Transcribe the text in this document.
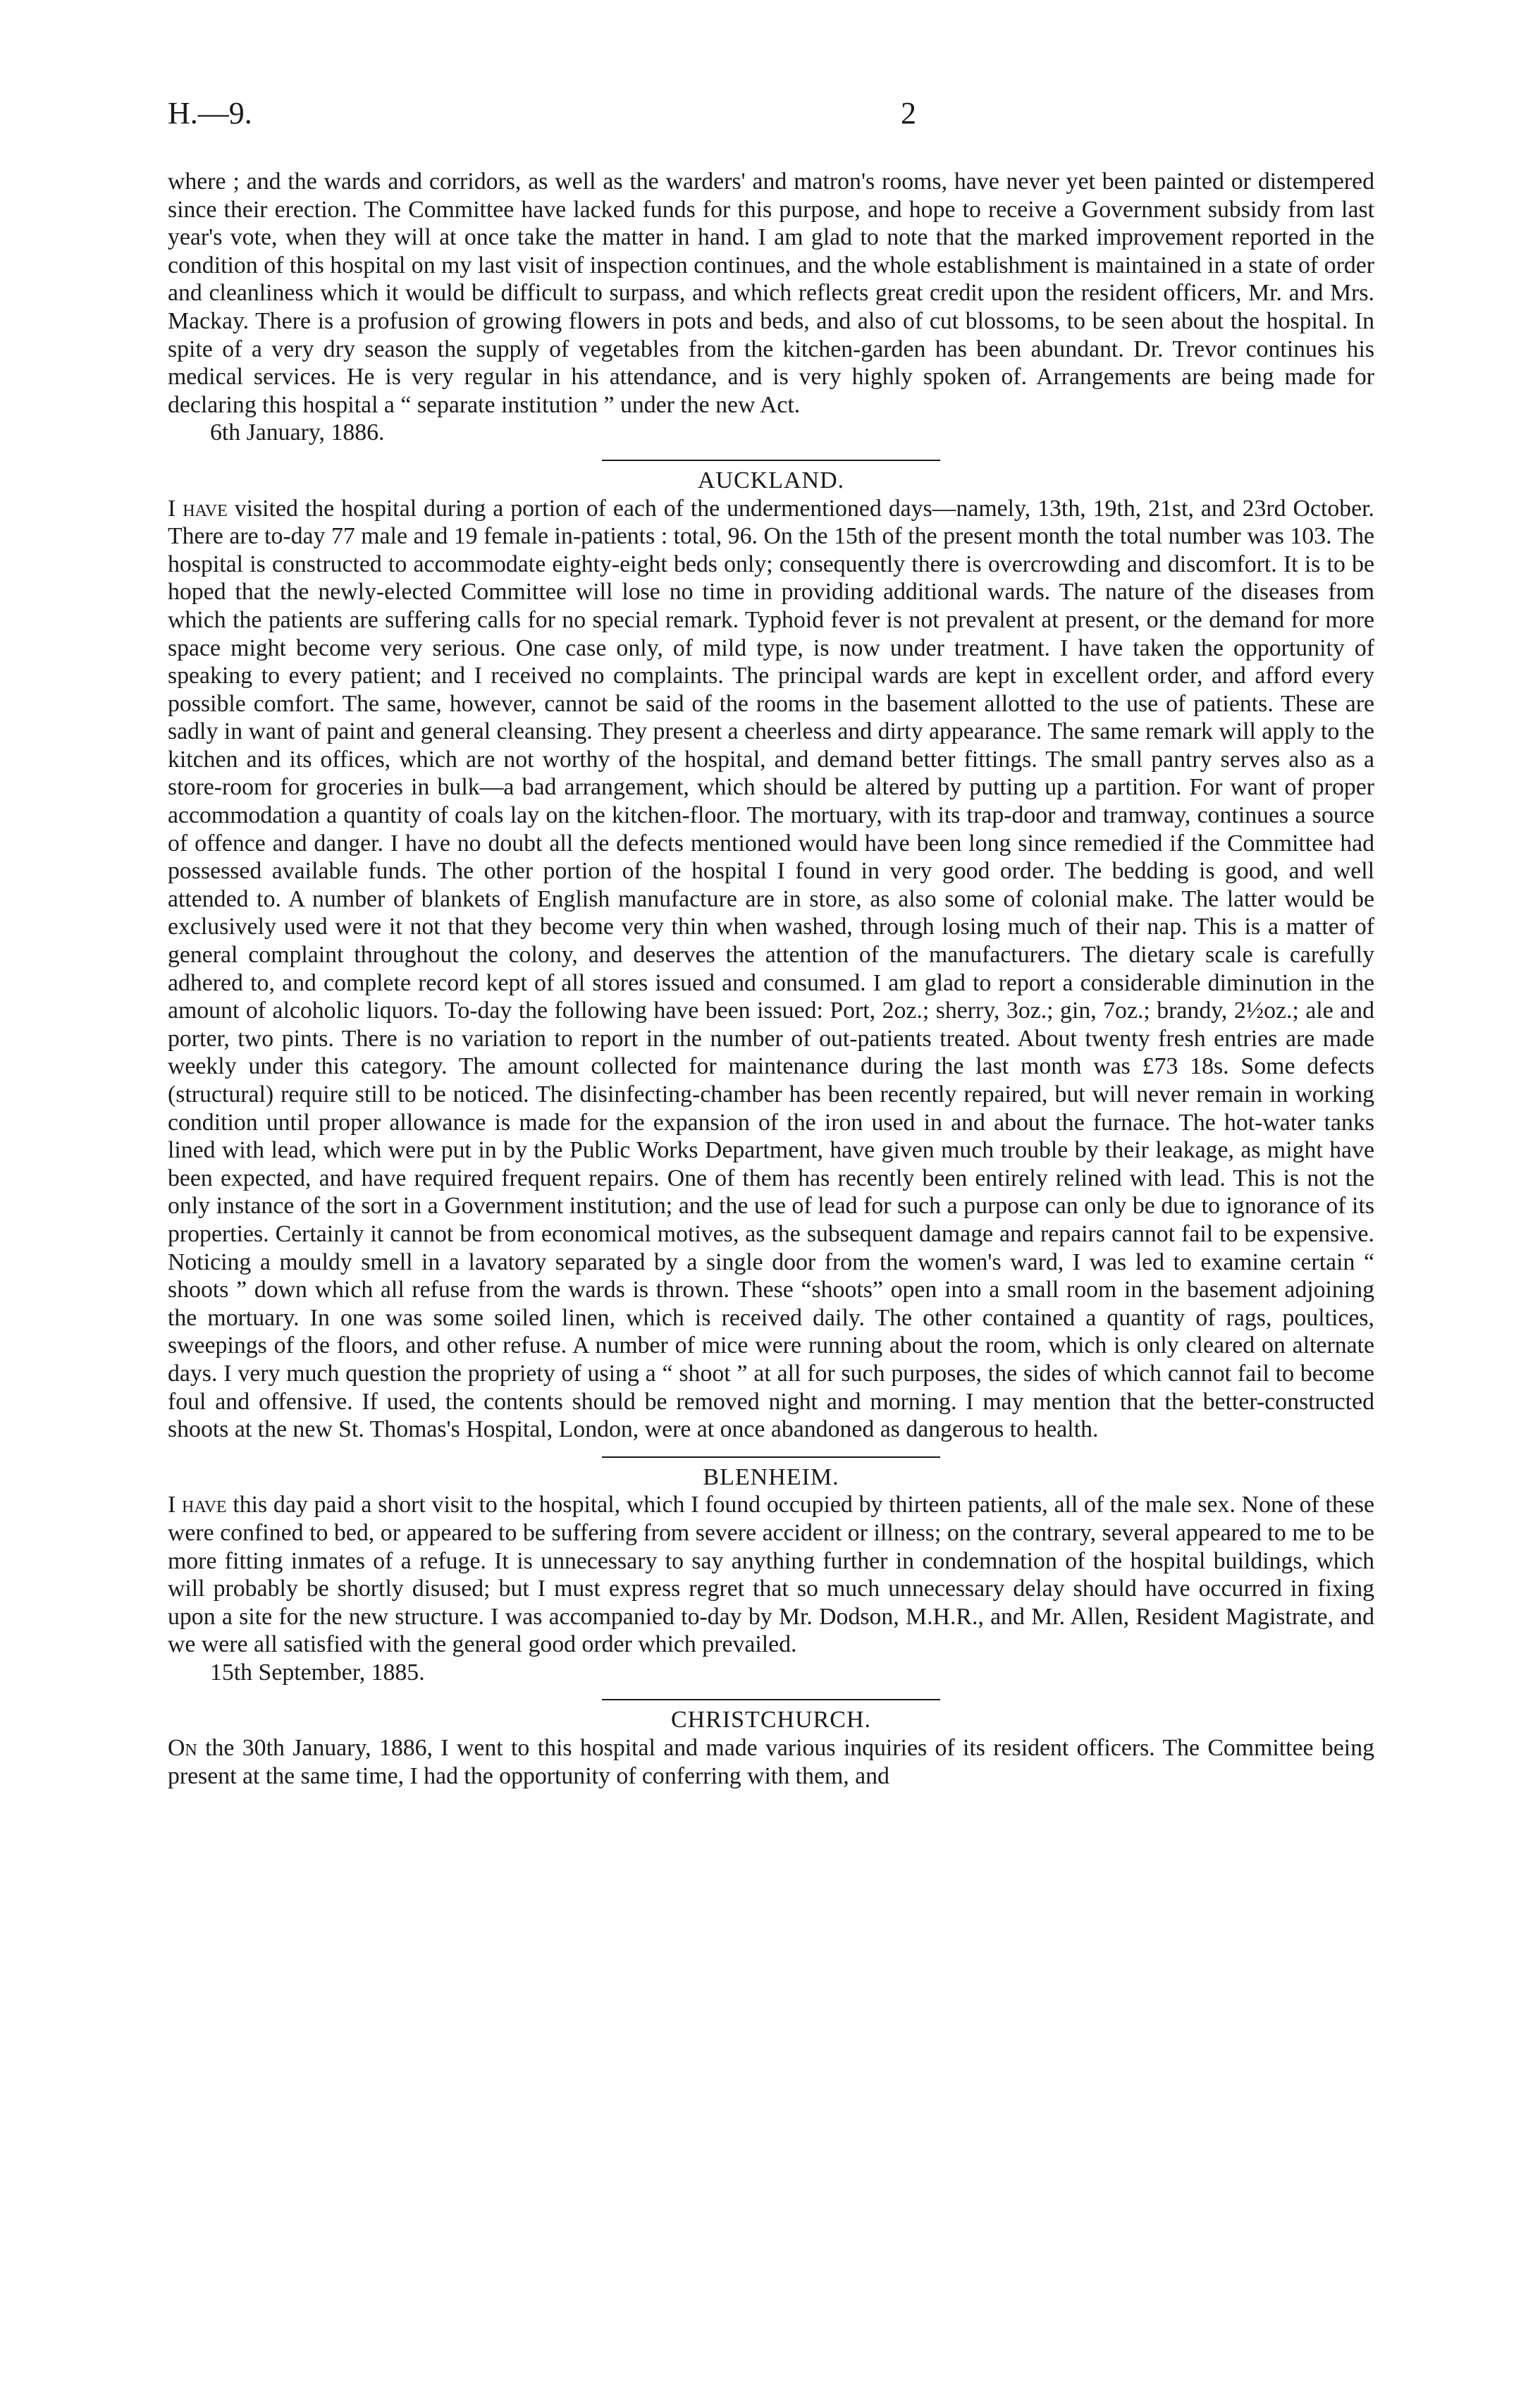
H.—9.	2

where ; and the wards and corridors, as well as the warders' and matron's rooms, have never yet been painted or distempered since their erection. The Committee have lacked funds for this purpose, and hope to receive a Government subsidy from last year's vote, when they will at once take the matter in hand. I am glad to note that the marked improvement reported in the condition of this hospital on my last visit of inspection continues, and the whole establishment is maintained in a state of order and cleanliness which it would be difficult to surpass, and which reflects great credit upon the resident officers, Mr. and Mrs. Mackay. There is a profusion of growing flowers in pots and beds, and also of cut blossoms, to be seen about the hospital. In spite of a very dry season the supply of vegetables from the kitchen-garden has been abundant. Dr. Trevor continues his medical services. He is very regular in his attendance, and is very highly spoken of. Arrangements are being made for declaring this hospital a “ separate institution ” under the new Act.

6th January, 1886.

AUCKLAND.

I have visited the hospital during a portion of each of the undermentioned days—namely, 13th, 19th, 21st, and 23rd October. There are to-day 77 male and 19 female in-patients : total, 96. On the 15th of the present month the total number was 103. The hospital is constructed to accommodate eighty-eight beds only; consequently there is overcrowding and discomfort. It is to be hoped that the newly-elected Committee will lose no time in providing additional wards. The nature of the diseases from which the patients are suffering calls for no special remark. Typhoid fever is not prevalent at present, or the demand for more space might become very serious. One case only, of mild type, is now under treatment. I have taken the opportunity of speaking to every patient; and I received no complaints. The principal wards are kept in excellent order, and afford every possible comfort. The same, however, cannot be said of the rooms in the basement allotted to the use of patients. These are sadly in want of paint and general cleansing. They present a cheerless and dirty appearance. The same remark will apply to the kitchen and its offices, which are not worthy of the hospital, and demand better fittings. The small pantry serves also as a store-room for groceries in bulk—a bad arrangement, which should be altered by putting up a partition. For want of proper accommodation a quantity of coals lay on the kitchen-floor. The mortuary, with its trap-door and tramway, continues a source of offence and danger. I have no doubt all the defects mentioned would have been long since remedied if the Committee had possessed available funds. The other portion of the hospital I found in very good order. The bedding is good, and well attended to. A number of blankets of English manufacture are in store, as also some of colonial make. The latter would be exclusively used were it not that they become very thin when washed, through losing much of their nap. This is a matter of general complaint throughout the colony, and deserves the attention of the manufacturers. The dietary scale is carefully adhered to, and complete record kept of all stores issued and consumed. I am glad to report a considerable diminution in the amount of alcoholic liquors. To-day the following have been issued: Port, 2oz.; sherry, 3oz.; gin, 7oz.; brandy, 2½oz.; ale and porter, two pints. There is no variation to report in the number of out-patients treated. About twenty fresh entries are made weekly under this category. The amount collected for maintenance during the last month was £73 18s. Some defects (structural) require still to be noticed. The disinfecting-chamber has been recently repaired, but will never remain in working condition until proper allowance is made for the expansion of the iron used in and about the furnace. The hot-water tanks lined with lead, which were put in by the Public Works Department, have given much trouble by their leakage, as might have been expected, and have required frequent repairs. One of them has recently been entirely relined with lead. This is not the only instance of the sort in a Government institution; and the use of lead for such a purpose can only be due to ignorance of its properties. Certainly it cannot be from economical motives, as the subsequent damage and repairs cannot fail to be expensive. Noticing a mouldy smell in a lavatory separated by a single door from the women's ward, I was led to examine certain “ shoots ” down which all refuse from the wards is thrown. These “shoots” open into a small room in the basement adjoining the mortuary. In one was some soiled linen, which is received daily. The other contained a quantity of rags, poultices, sweepings of the floors, and other refuse. A number of mice were running about the room, which is only cleared on alternate days. I very much question the propriety of using a “ shoot ” at all for such purposes, the sides of which cannot fail to become foul and offensive. If used, the contents should be removed night and morning. I may mention that the better-constructed shoots at the new St. Thomas's Hospital, London, were at once abandoned as dangerous to health.

BLENHEIM.

I have this day paid a short visit to the hospital, which I found occupied by thirteen patients, all of the male sex. None of these were confined to bed, or appeared to be suffering from severe accident or illness; on the contrary, several appeared to me to be more fitting inmates of a refuge. It is unnecessary to say anything further in condemnation of the hospital buildings, which will probably be shortly disused; but I must express regret that so much unnecessary delay should have occurred in fixing upon a site for the new structure. I was accompanied to-day by Mr. Dodson, M.H.R., and Mr. Allen, Resident Magistrate, and we were all satisfied with the general good order which prevailed.

15th September, 1885.

CHRISTCHURCH.

On the 30th January, 1886, I went to this hospital and made various inquiries of its resident officers. The Committee being present at the same time, I had the opportunity of conferring with them, and
